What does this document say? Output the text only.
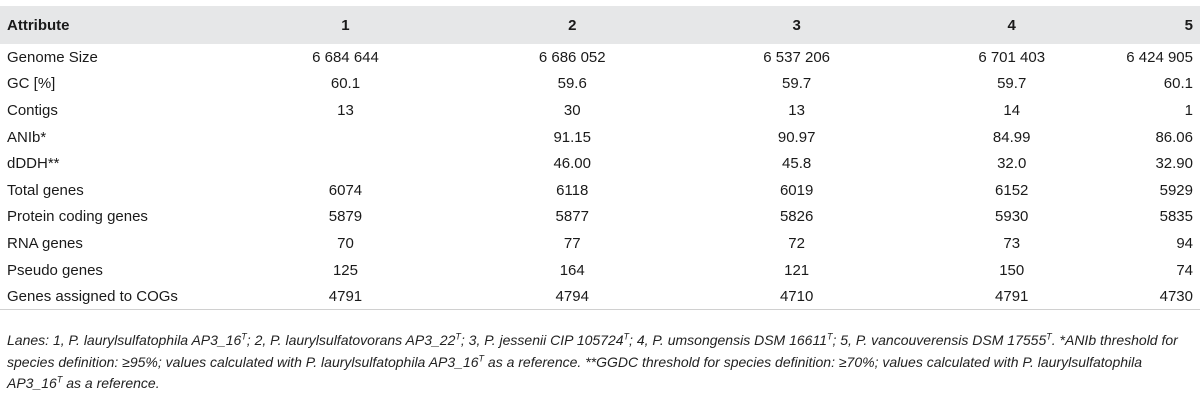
Attribute	1	2	3	4	5
Genome Size	6 684 644	6 686 052	6 537 206	6 701 403	6 424 905
GC [%]	60.1	59.6	59.7	59.7	60.1
Contigs	13	30	13	14	1
ANIb*		91.15	90.97	84.99	86.06
dDDH**		46.00	45.8	32.0	32.90
Total genes	6074	6118	6019	6152	5929
Protein coding genes	5879	5877	5826	5930	5835
RNA genes	70	77	72	73	94
Pseudo genes	125	164	121	150	74
Genes assigned to COGs	4791	4794	4710	4791	4730
Lanes: 1, P. laurylsulfatophila $AP3\_16^T$; 2, P. laurylsulfatovorans $AP3\_22^T$; 3, P. jessenii CIP $105724^T$; 4, P. umsongensis DSM $16611^T$; 5, P. vancouverensis DSM $17555^T$. *ANIb threshold for species definition: ≥95%; values calculated with P. laurylsulfatophila $AP3\_16^T$ as a reference. **GGDC threshold for species definition: ≥70%; values calculated with P. laurylsulfatophila $AP3\_16^T$ as a reference.
